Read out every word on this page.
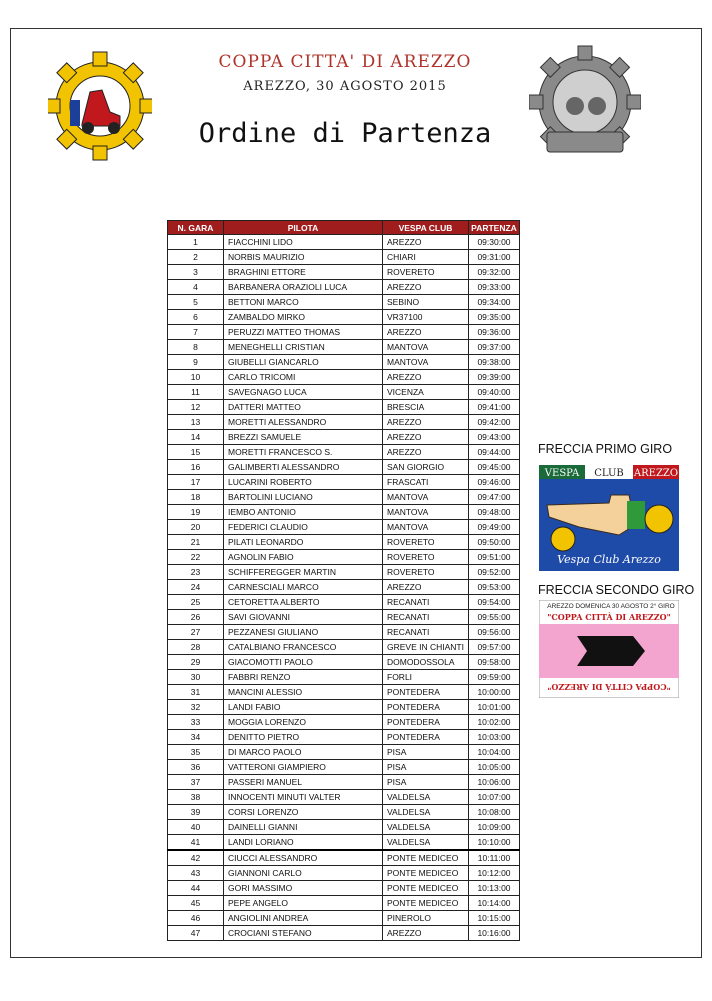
COPPA CITTA' DI AREZZO
AREZZO, 30 AGOSTO 2015
Ordine di Partenza
N. GARA	PILOTA	VESPA CLUB	PARTENZA
1	FIACCHINI LIDO	AREZZO	09:30:00
2	NORBIS MAURIZIO	CHIARI	09:31:00
3	BRAGHINI ETTORE	ROVERETO	09:32:00
4	BARBANERA ORAZIOLI LUCA	AREZZO	09:33:00
5	BETTONI MARCO	SEBINO	09:34:00
6	ZAMBALDO MIRKO	VR37100	09:35:00
7	PERUZZI MATTEO THOMAS	AREZZO	09:36:00
8	MENEGHELLI CRISTIAN	MANTOVA	09:37:00
9	GIUBELLI GIANCARLO	MANTOVA	09:38:00
10	CARLO TRICOMI	AREZZO	09:39:00
11	SAVEGNAGO LUCA	VICENZA	09:40:00
12	DATTERI MATTEO	BRESCIA	09:41:00
13	MORETTI ALESSANDRO	AREZZO	09:42:00
14	BREZZI SAMUELE	AREZZO	09:43:00
15	MORETTI FRANCESCO S.	AREZZO	09:44:00
16	GALIMBERTI ALESSANDRO	SAN GIORGIO	09:45:00
17	LUCARINI ROBERTO	FRASCATI	09:46:00
18	BARTOLINI LUCIANO	MANTOVA	09:47:00
19	IEMBO ANTONIO	MANTOVA	09:48:00
20	FEDERICI CLAUDIO	MANTOVA	09:49:00
21	PILATI LEONARDO	ROVERETO	09:50:00
22	AGNOLIN FABIO	ROVERETO	09:51:00
23	SCHIFFEREGGER MARTIN	ROVERETO	09:52:00
24	CARNESCIALI MARCO	AREZZO	09:53:00
25	CETORETTA ALBERTO	RECANATI	09:54:00
26	SAVI GIOVANNI	RECANATI	09:55:00
27	PEZZANESI GIULIANO	RECANATI	09:56:00
28	CATALBIANO FRANCESCO	GREVE IN CHIANTI	09:57:00
29	GIACOMOTTI PAOLO	DOMODOSSOLA	09:58:00
30	FABBRI RENZO	FORLI	09:59:00
31	MANCINI ALESSIO	PONTEDERA	10:00:00
32	LANDI FABIO	PONTEDERA	10:01:00
33	MOGGIA LORENZO	PONTEDERA	10:02:00
34	DENITTO PIETRO	PONTEDERA	10:03:00
35	DI MARCO PAOLO	PISA	10:04:00
36	VATTERONI GIAMPIERO	PISA	10:05:00
37	PASSERI MANUEL	PISA	10:06:00
38	INNOCENTI MINUTI VALTER	VALDELSA	10:07:00
39	CORSI LORENZO	VALDELSA	10:08:00
40	DAINELLI GIANNI	VALDELSA	10:09:00
41	LANDI LORIANO	VALDELSA	10:10:00
42	CIUCCI ALESSANDRO	PONTE MEDICEO	10:11:00
43	GIANNONI CARLO	PONTE MEDICEO	10:12:00
44	GORI MASSIMO	PONTE MEDICEO	10:13:00
45	PEPE ANGELO	PONTE MEDICEO	10:14:00
46	ANGIOLINI ANDREA	PINEROLO	10:15:00
47	CROCIANI STEFANO	AREZZO	10:16:00
FRECCIA PRIMO GIRO
VESPA CLUB AREZZO
Vespa Club Arezzo
FRECCIA SECONDO GIRO
AREZZO DOMENICA 30 AGOSTO 2° GIRO
"COPPA CITTÀ DI AREZZO"
"COPPA CITTÀ DI AREZZO"
